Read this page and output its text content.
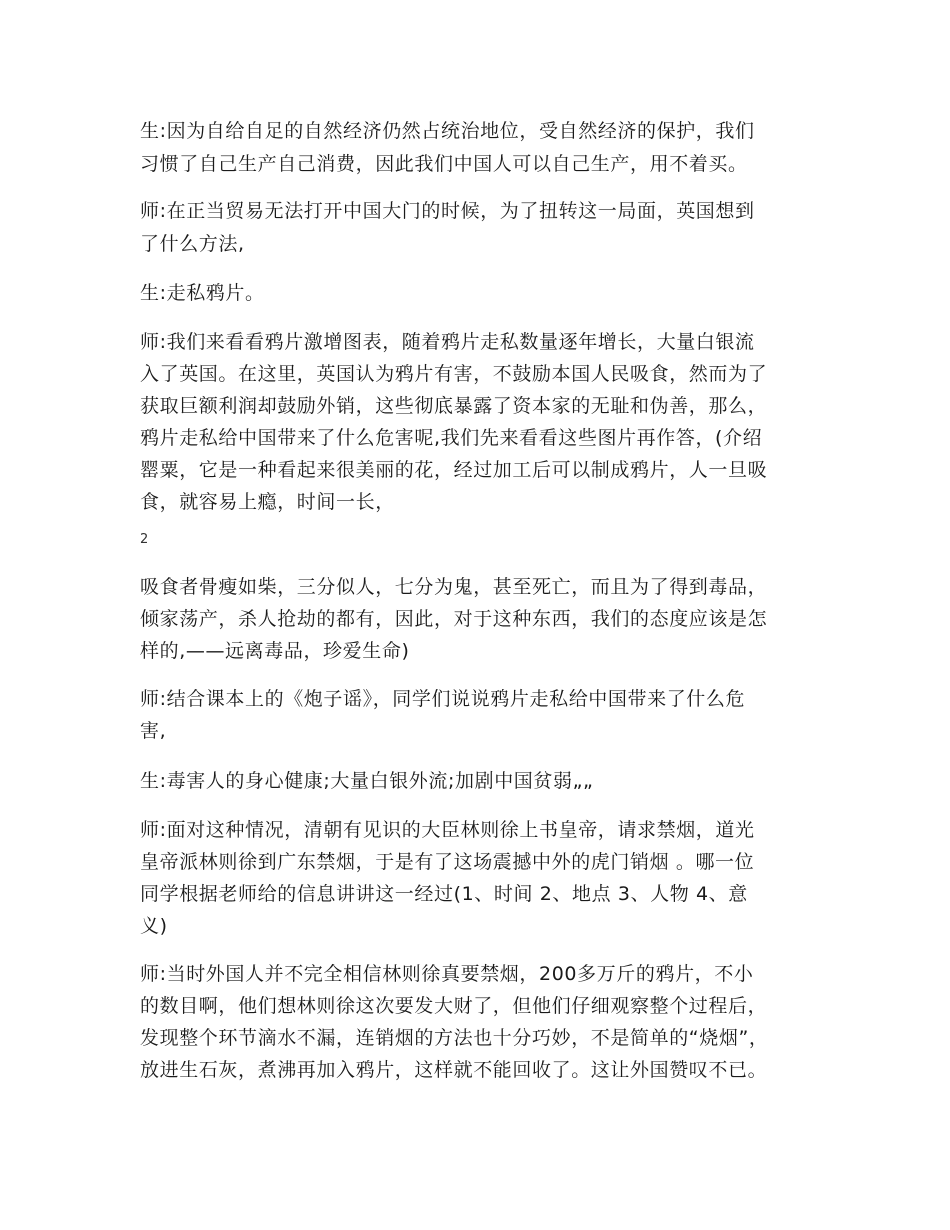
生:因为自给自足的自然经济仍然占统治地位，受自然经济的保护，我们
习惯了自己生产自己消费，因此我们中国人可以自己生产，用不着买。
师:在正当贸易无法打开中国大门的时候，为了扭转这一局面，英国想到
了什么方法,
生:走私鸦片。
师:我们来看看鸦片激增图表，随着鸦片走私数量逐年增长，大量白银流
入了英国。在这里，英国认为鸦片有害，不鼓励本国人民吸食，然而为了
获取巨额利润却鼓励外销，这些彻底暴露了资本家的无耻和伪善，那么，
鸦片走私给中国带来了什么危害呢,我们先来看看这些图片再作答，(介绍
罂粟，它是一种看起来很美丽的花，经过加工后可以制成鸦片，人一旦吸
食，就容易上瘾，时间一长，
2
吸食者骨瘦如柴，三分似人，七分为鬼，甚至死亡，而且为了得到毒品，
倾家荡产，杀人抢劫的都有，因此，对于这种东西，我们的态度应该是怎
样的,——远离毒品，珍爱生命)
师:结合课本上的《炮子谣》，同学们说说鸦片走私给中国带来了什么危
害,
生:毒害人的身心健康;大量白银外流;加剧中国贫弱„„
师:面对这种情况，清朝有见识的大臣林则徐上书皇帝，请求禁烟，道光
皇帝派林则徐到广东禁烟，于是有了这场震撼中外的虎门销烟 。哪一位
同学根据老师给的信息讲讲这一经过(1、时间 2、地点 3、人物 4、意
义)
师:当时外国人并不完全相信林则徐真要禁烟，200多万斤的鸦片，不小
的数目啊，他们想林则徐这次要发大财了，但他们仔细观察整个过程后，
发现整个环节滴水不漏，连销烟的方法也十分巧妙，不是简单的“烧烟”，
放进生石灰，煮沸再加入鸦片，这样就不能回收了。这让外国赞叹不已。
